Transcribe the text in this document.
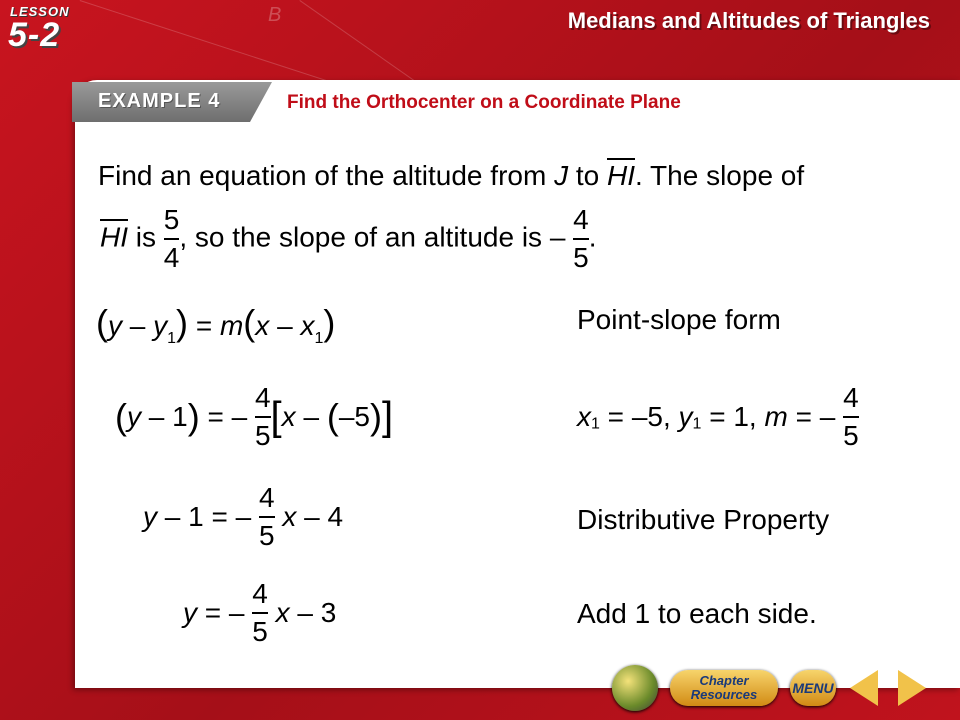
B
LESSON
5-2	Medians and Altitudes of Triangles
EXAMPLE 4	Find the Orthocenter on a Coordinate Plane
Find an equation of the altitude from J to $\overline{HI}$. The slope of
$\overline{HI}$ is $\frac{5}{4}$ , so the slope of an altitude is – $\frac{4}{5}$ .
$(y - y_1) = m(x - x_1)$	Point-slope form
(y – 1) = – $\frac{4}{5} [x - (-5)]$	$x_1 = -5$, $y_1 = 1$, m = – $\frac{4}{5}$
y – 1 = – $\frac{4}{5}$ x – 4	Distributive Property
y = – $\frac{4}{5}$ x – 3	Add 1 to each side.
Chapter
Resources	MENU
